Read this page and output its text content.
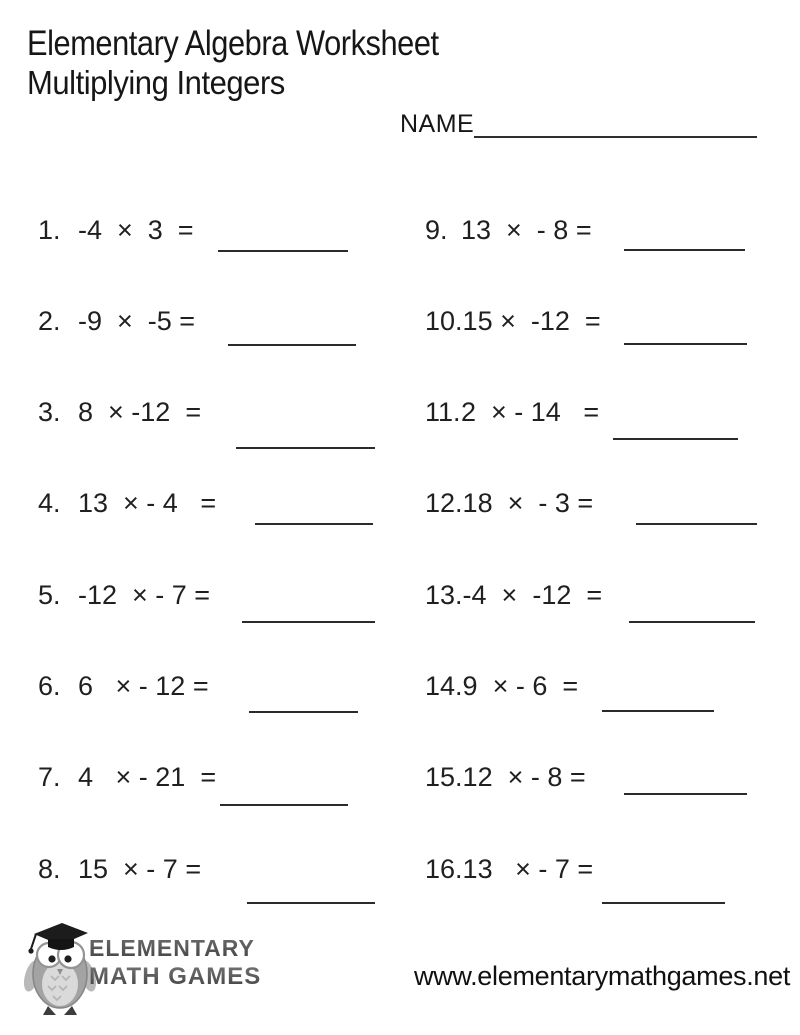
Elementary Algebra Worksheet
Multiplying Integers
NAME
1. -4  ×  3  =
2. -9  ×  -5 =
3. 8  × -12  =
4. 13  × - 4   =
5. -12  × - 7 =
6. 6   × - 12 =
7. 4   × - 21  =
8. 15  × - 7 =
9. 13  ×  - 8 =
10.15 ×  -12  =
11.2  × - 14   =
12.18  ×  - 3 =
13.-4  ×  -12  =
14.9  × - 6  =
15.12  × - 8 =
16.13   × - 7 =
ELEMENTARY
MATH GAMES	www.elementarymathgames.net
